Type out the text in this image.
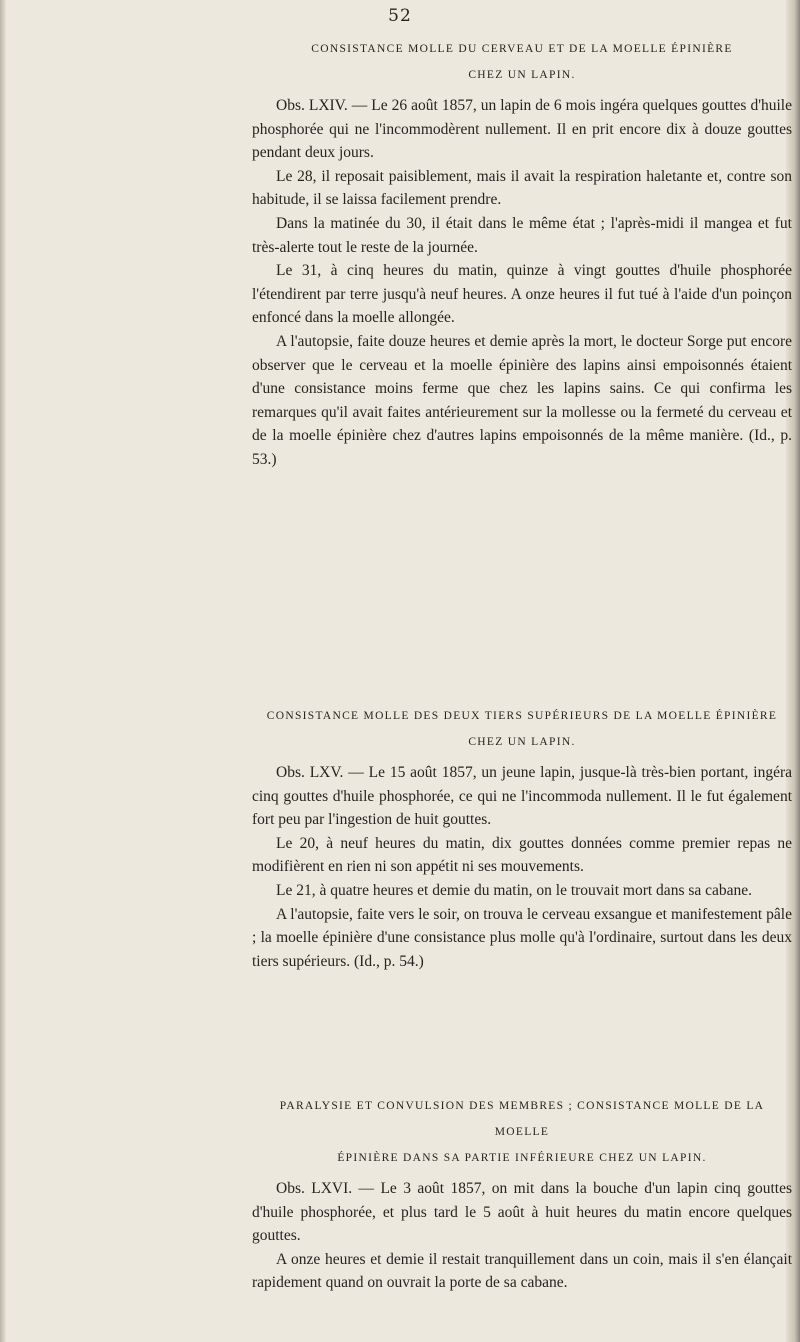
52
CONSISTANCE MOLLE DU CERVEAU ET DE LA MOELLE ÉPINIÈRE
CHEZ UN LAPIN.

Obs. LXIV. — Le 26 août 1857, un lapin de 6 mois ingéra quelques gouttes d'huile phosphorée qui ne l'incommodèrent nullement. Il en prit encore dix à douze gouttes pendant deux jours.

Le 28, il reposait paisiblement, mais il avait la respiration haletante et, contre son habitude, il se laissa facilement prendre.

Dans la matinée du 30, il était dans le même état ; l'après-midi il mangea et fut très-alerte tout le reste de la journée.

Le 31, à cinq heures du matin, quinze à vingt gouttes d'huile phosphorée l'étendirent par terre jusqu'à neuf heures. A onze heures il fut tué à l'aide d'un poinçon enfoncé dans la moelle allongée.

A l'autopsie, faite douze heures et demie après la mort, le docteur Sorge put encore observer que le cerveau et la moelle épinière des lapins ainsi empoisonnés étaient d'une consistance moins ferme que chez les lapins sains. Ce qui confirma les remarques qu'il avait faites antérieurement sur la mollesse ou la fermeté du cerveau et de la moelle épinière chez d'autres lapins empoisonnés de la même manière. (Id., p. 53.)

CONSISTANCE MOLLE DES DEUX TIERS SUPÉRIEURS DE LA MOELLE ÉPINIÈRE
CHEZ UN LAPIN.

Obs. LXV. — Le 15 août 1857, un jeune lapin, jusque-là très-bien portant, ingéra cinq gouttes d'huile phosphorée, ce qui ne l'incommoda nullement. Il le fut également fort peu par l'ingestion de huit gouttes.

Le 20, à neuf heures du matin, dix gouttes données comme premier repas ne modifièrent en rien ni son appétit ni ses mouvements.

Le 21, à quatre heures et demie du matin, on le trouvait mort dans sa cabane.

A l'autopsie, faite vers le soir, on trouva le cerveau exsangue et manifestement pâle ; la moelle épinière d'une consistance plus molle qu'à l'ordinaire, surtout dans les deux tiers supérieurs. (Id., p. 54.)

PARALYSIE ET CONVULSION DES MEMBRES ; CONSISTANCE MOLLE DE LA MOELLE
ÉPINIÈRE DANS SA PARTIE INFÉRIEURE CHEZ UN LAPIN.

Obs. LXVI. — Le 3 août 1857, on mit dans la bouche d'un lapin cinq gouttes d'huile phosphorée, et plus tard le 5 août à huit heures du matin encore quelques gouttes.

A onze heures et demie il restait tranquillement dans un coin, mais il s'en élançait rapidement quand on ouvrait la porte de sa cabane.
